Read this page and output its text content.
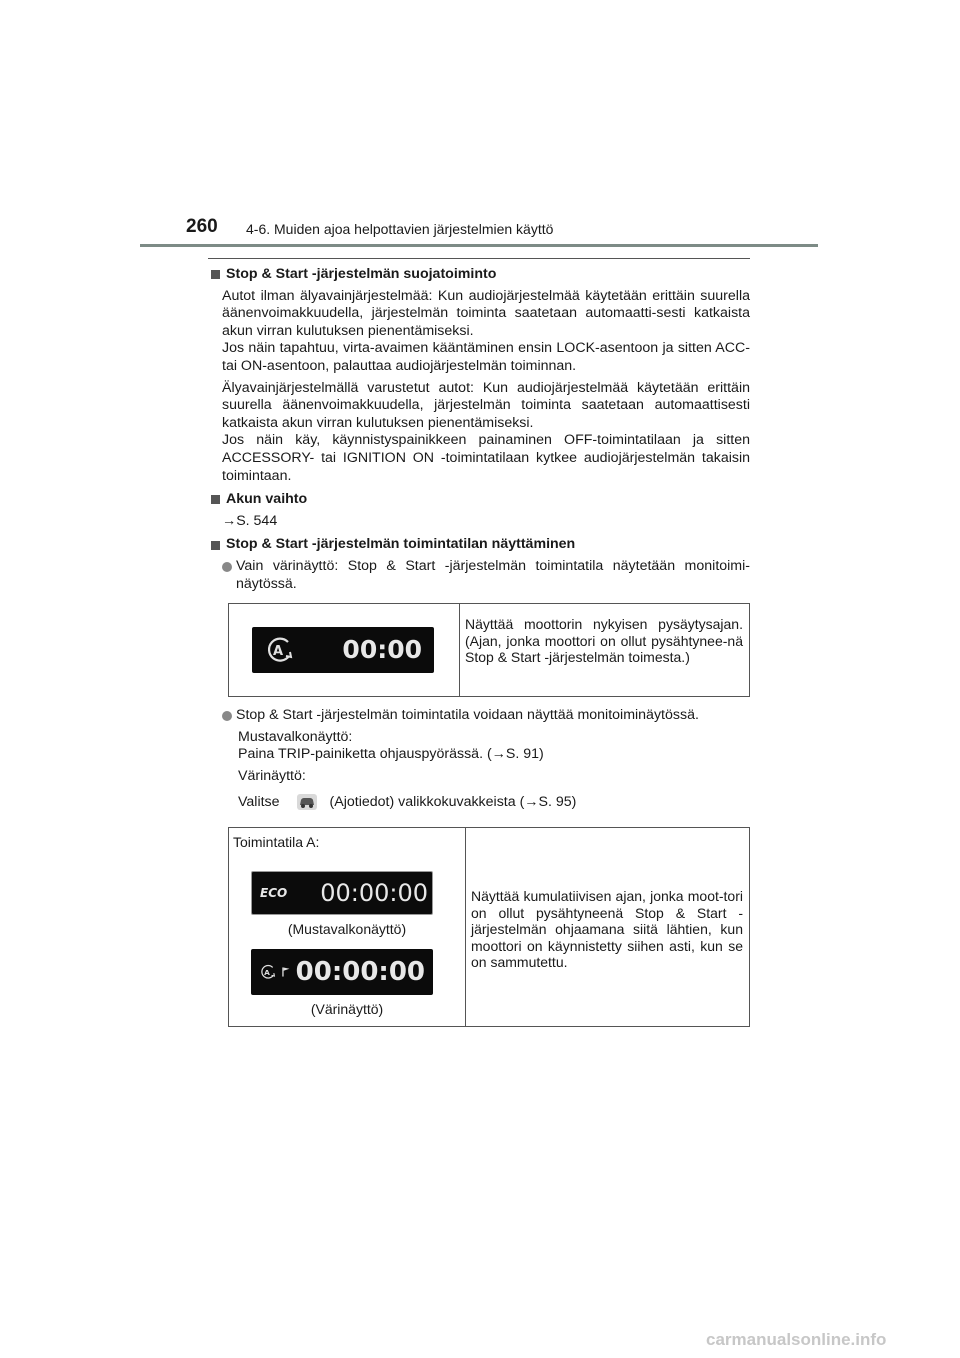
260 4-6. Muiden ajoa helpottavien järjestelmien käyttö
Stop & Start -järjestelmän suojatoiminto
Autot ilman älyavainjärjestelmää: Kun audiojärjestelmää käytetään erittäin suurella äänenvoimakkuudella, järjestelmän toiminta saatetaan automaatti-sesti katkaista akun virran kulutuksen pienentämiseksi.
Jos näin tapahtuu, virta-avaimen kääntäminen ensin LOCK-asentoon ja sitten ACC- tai ON-asentoon, palauttaa audiojärjestelmän toiminnan.
Älyavainjärjestelmällä varustetut autot: Kun audiojärjestelmää käytetään erittäin suurella äänenvoimakkuudella, järjestelmän toiminta saatetaan automaattisesti katkaista akun virran kulutuksen pienentämiseksi.
Jos näin käy, käynnistyspainikkeen painaminen OFF-toimintatilaan ja sitten ACCESSORY- tai IGNITION ON -toimintatilaan kytkee audiojärjestelmän takaisin toimintaan.
Akun vaihto
→S. 544
Stop & Start -järjestelmän toimintatilan näyttäminen
Vain värinäyttö: Stop & Start -järjestelmän toimintatila näytetään monitoimi-näytössä.
A 00:00
	Näyttää moottorin nykyisen pysäytysajan. (Ajan, jonka moottori on ollut pysähtynee-nä Stop & Start -järjestelmän toimesta.)
Stop & Start -järjestelmän toimintatila voidaan näyttää monitoiminäytössä.
Mustavalkonäyttö:
Paina TRIP-painiketta ohjauspyörässä. (→S. 91)
Värinäyttö:
Valitse	(Ajotiedot) valikkokuvakkeista (→S. 95)
Toimintatila A:
ECO 00:00:00
(Mustavalkonäyttö)
A 00:00:00
(Värinäyttö)
	Näyttää kumulatiivisen ajan, jonka moot-tori on ollut pysähtyneenä Stop & Start -järjestelmän ohjaamana siitä lähtien, kun moottori on käynnistetty siihen asti, kun se on sammutettu.
carmanualsonline.info
